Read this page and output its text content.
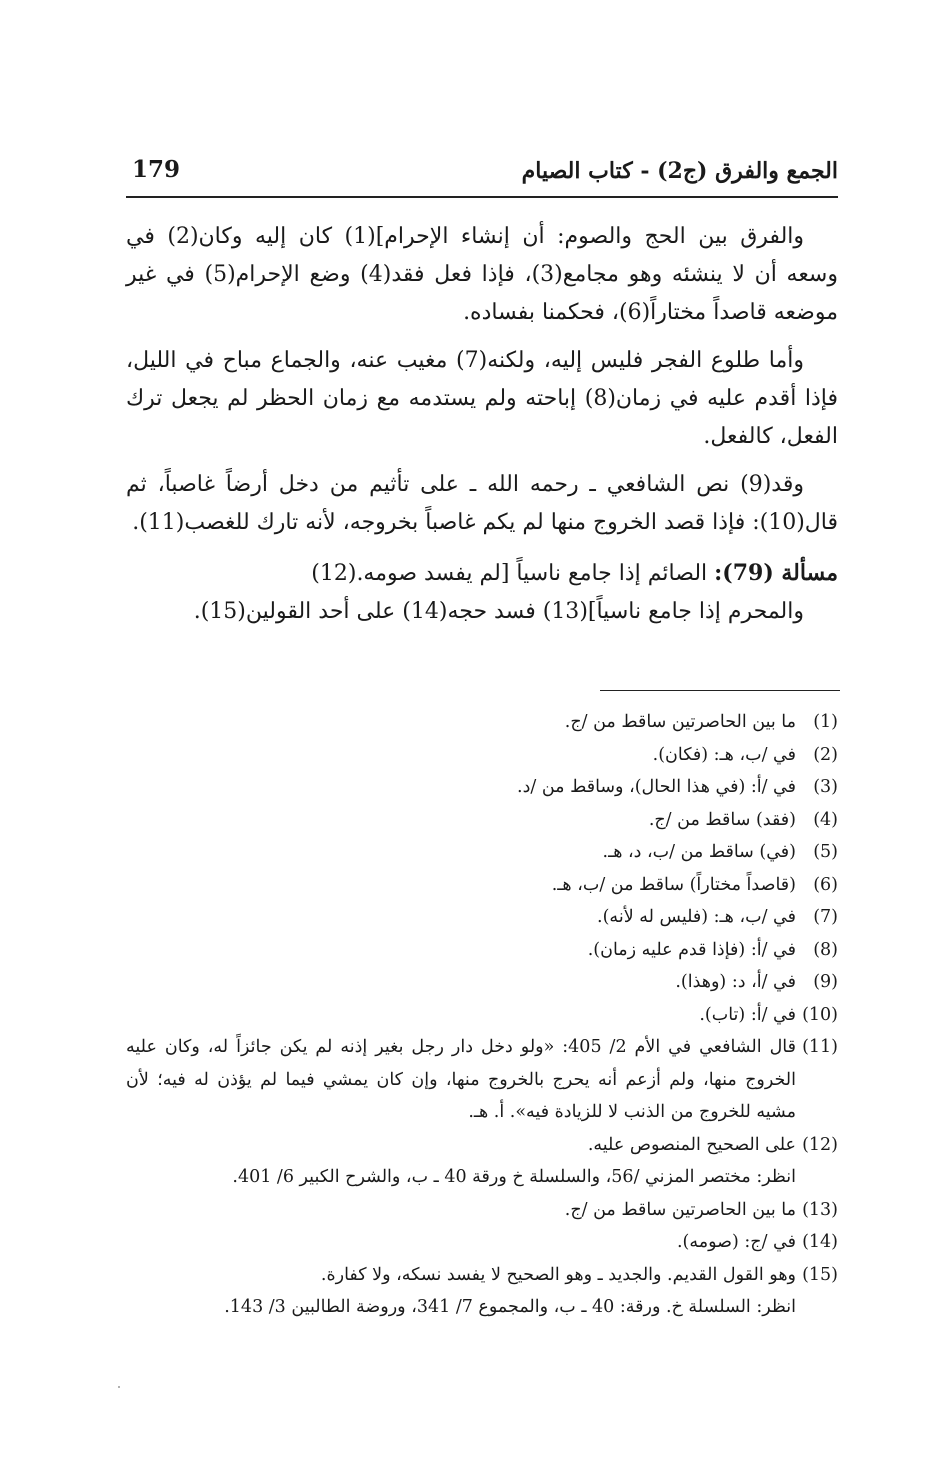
الجمع والفرق (ج2) - كتاب الصيام
179

والفرق بين الحج والصوم: أن إنشاء الإحرام](1) كان إليه وكان(2) في وسعه أن لا ينشئه وهو مجامع(3)، فإذا فعل فقد(4) وضع الإحرام(5) في غير موضعه قاصداً مختاراً(6)، فحكمنا بفساده.

وأما طلوع الفجر فليس إليه، ولكنه(7) مغيب عنه، والجماع مباح في الليل، فإذا أقدم عليه في زمان(8) إباحته ولم يستدمه مع زمان الحظر لم يجعل ترك الفعل، كالفعل.

وقد(9) نص الشافعي ـ رحمه الله ـ على تأثيم من دخل أرضاً غاصباً، ثم قال(10): فإذا قصد الخروج منها لم يكم غاصباً بخروجه، لأنه تارك للغصب(11).

مسألة (79): الصائم إذا جامع ناسياً [لم يفسد صومه.(12)

والمحرم إذا جامع ناسياً](13) فسد حجه(14) على أحد القولين(15).

(1)
ما بين الحاصرتين ساقط من /ج.
(2)
في /ب، هـ: (فكان).
(3)
في /أ: (في هذا الحال)، وساقط من /د.
(4)
(فقد) ساقط من /ج.
(5)
(في) ساقط من /ب، د، هـ.
(6)
(قاصداً مختاراً) ساقط من /ب، هـ.
(7)
في /ب، هـ: (فليس له لأنه).
(8)
في /أ: (فإذا قدم عليه زمان).
(9)
في /أ، د: (وهذا).
(10)
في /أ: (تاب).
(11)
قال الشافعي في الأم 2/ 405: «ولو دخل دار رجل بغير إذنه لم يكن جائزاً له، وكان عليه الخروج منها، ولم أزعم أنه يحرج بالخروج منها، وإن كان يمشي فيما لم يؤذن له فيه؛ لأن مشيه للخروج من الذنب لا للزيادة فيه». أ. هـ.
(12)
على الصحيح المنصوص عليه.
انظر: مختصر المزني /56، والسلسلة خ ورقة 40 ـ ب، والشرح الكبير 6/ 401.
(13)
ما بين الحاصرتين ساقط من /ج.
(14)
في /ج: (صومه).
(15)
وهو القول القديم. والجديد ـ وهو الصحيح لا يفسد نسكه، ولا كفارة.
انظر: السلسلة خ. ورقة: 40 ـ ب، والمجموع 7/ 341، وروضة الطالبين 3/ 143.
